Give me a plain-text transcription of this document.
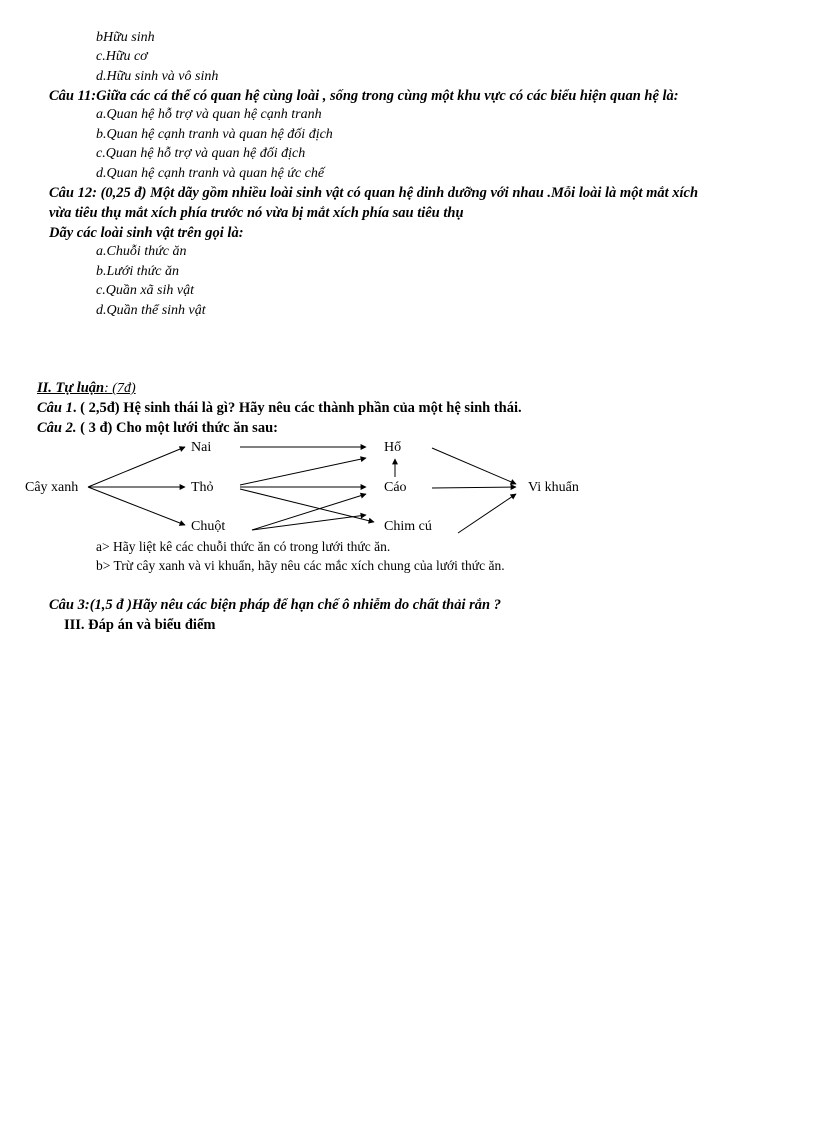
bHữu sinh
c.Hữu cơ
d.Hữu sinh và vô sinh
Câu 11:Giữa các cá thể có quan hệ cùng loài , sống trong cùng một khu vực có các biểu hiện quan hệ là:
a.Quan hệ hỗ trợ và quan hệ cạnh tranh
b.Quan hệ cạnh tranh và quan hệ đối địch
c.Quan hệ hỗ trợ và quan hệ đối địch
d.Quan hệ cạnh tranh và quan hệ ức chế
Câu 12: (0,25 đ) Một dãy gồm nhiều loài sinh vật có quan hệ dinh dưỡng với nhau .Mỗi loài là một mắt xích
vừa tiêu thụ mắt xích phía trước nó vừa bị mắt xích phía sau tiêu thụ
Dãy các loài sinh vật trên gọi là:
a.Chuỗi thức ăn
b.Lưới thức ăn
c.Quần xã sih vật
d.Quần thể sinh vật
II. Tự luận: (7đ)
Câu 1. ( 2,5đ) Hệ sinh thái là gì? Hãy nêu các thành phần của một hệ sinh thái.
Câu 2. ( 3 đ) Cho một lưới thức ăn sau:
Cây xanh
Nai
Thỏ
Chuột
Hổ
Cáo
Chim cú
Vi khuẩn
a> Hãy liệt kê các chuỗi thức ăn có trong lưới thức ăn.
b> Trừ cây xanh và vi khuẩn, hãy nêu các mắc xích chung của lưới thức ăn.
Câu 3:(1,5 đ )Hãy nêu các biện pháp để hạn chế ô nhiễm do chất thải rắn ?
III. Đáp án và biểu điểm
